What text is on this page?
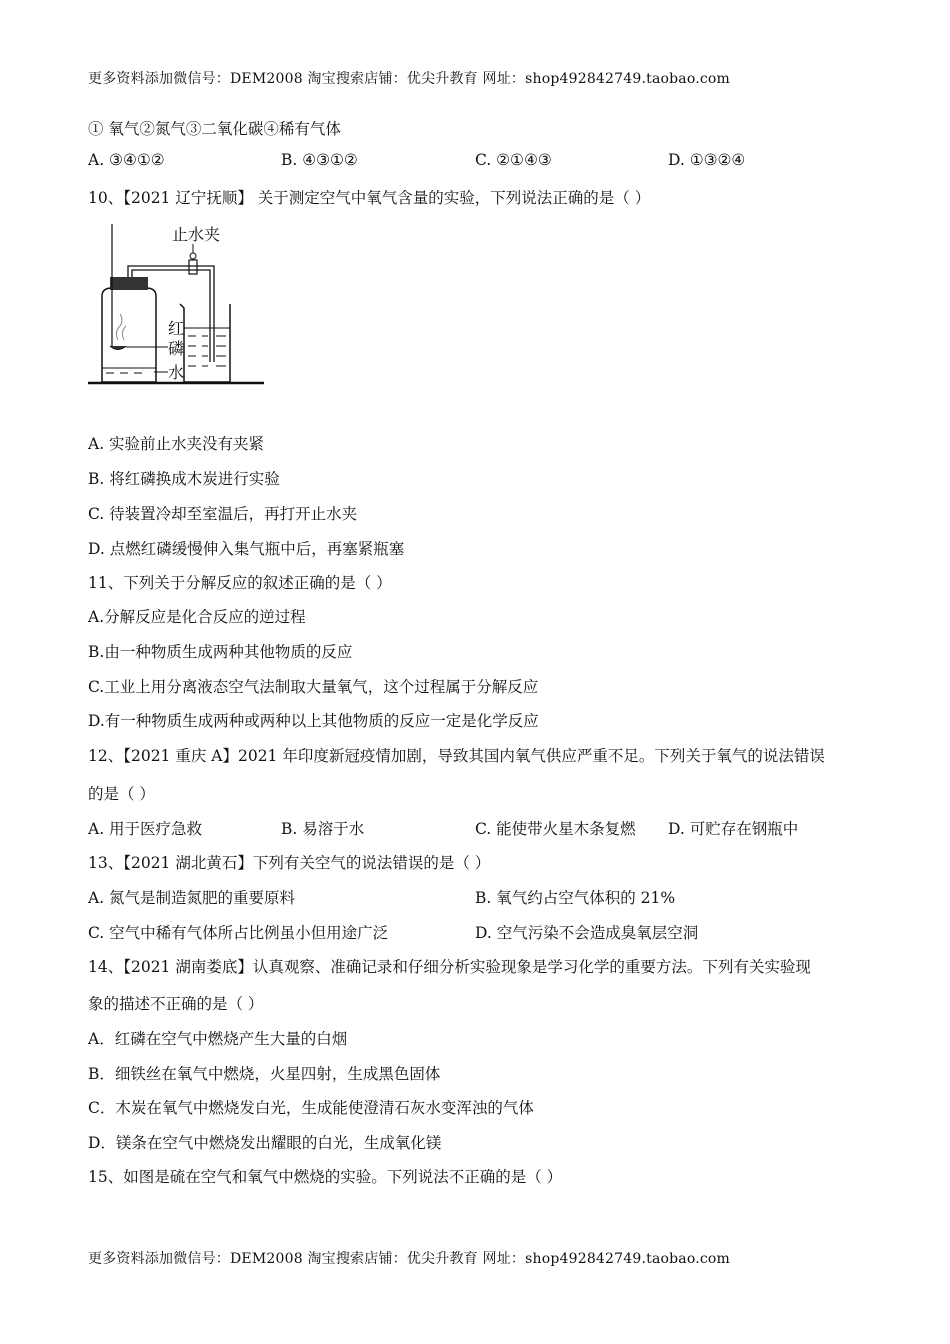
更多资料添加微信号：DEM2008 淘宝搜索店铺：优尖升教育 网址：shop492842749.taobao.com
① 氧气②氮气③二氧化碳④稀有气体
A. ③④①②	B. ④③①②	C. ②①④③	D. ①③②④
10、【2021 辽宁抚顺】 关于测定空气中氧气含量的实验，下列说法正确的是（ ）
止水夹
红
磷
水
A. 实验前止水夹没有夹紧
B. 将红磷换成木炭进行实验
C. 待装置冷却至室温后，再打开止水夹
D. 点燃红磷缓慢伸入集气瓶中后，再塞紧瓶塞
11、下列关于分解反应的叙述正确的是（ ）
A.分解反应是化合反应的逆过程
B.由一种物质生成两种其他物质的反应
C.工业上用分离液态空气法制取大量氧气，这个过程属于分解反应
D.有一种物质生成两种或两种以上其他物质的反应一定是化学反应
12、【2021 重庆 A】2021 年印度新冠疫情加剧，导致其国内氧气供应严重不足。下列关于氧气的说法错误
的是（ ）
A. 用于医疗急救	B. 易溶于水	C. 能使带火星木条复燃 D. 可贮存在钢瓶中
13、【2021 湖北黄石】下列有关空气的说法错误的是（ ）
A. 氮气是制造氮肥的重要原料	B. 氧气约占空气体积的 21%
C. 空气中稀有气体所占比例虽小但用途广泛	D. 空气污染不会造成臭氧层空洞
14、【2021 湖南娄底】认真观察、准确记录和仔细分析实验现象是学习化学的重要方法。下列有关实验现
象的描述不正确的是（ ）
A．红磷在空气中燃烧产生大量的白烟
B．细铁丝在氧气中燃烧，火星四射，生成黑色固体
C．木炭在氧气中燃烧发白光，生成能使澄清石灰水变浑浊的气体
D．镁条在空气中燃烧发出耀眼的白光，生成氧化镁
15、如图是硫在空气和氧气中燃烧的实验。下列说法不正确的是（ ）
更多资料添加微信号：DEM2008 淘宝搜索店铺：优尖升教育 网址：shop492842749.taobao.com
